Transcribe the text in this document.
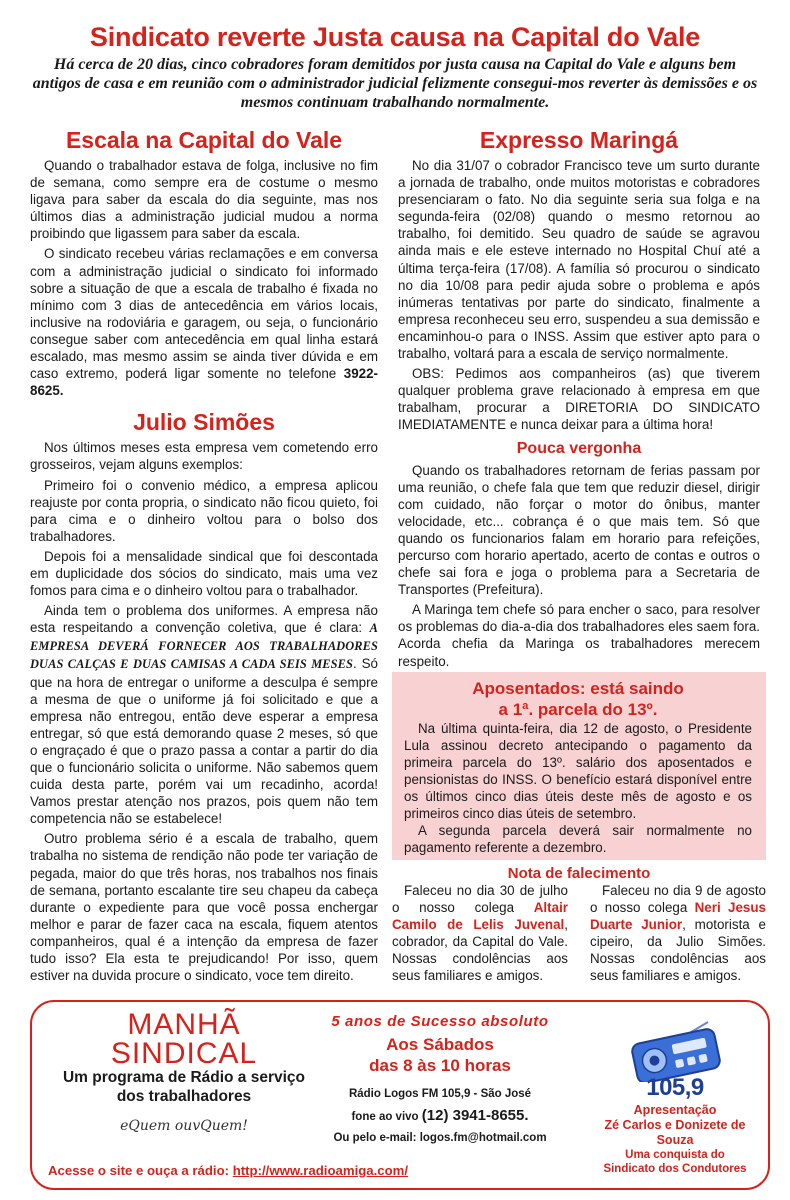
Sindicato reverte Justa causa na Capital do Vale
Há cerca de 20 dias, cinco cobradores foram demitidos por justa causa na Capital do Vale e alguns bem antigos de casa e em reunião com o administrador judicial felizmente consegui-mos reverter às demissões e os mesmos continuam trabalhando normalmente.
Escala na Capital do Vale

Quando o trabalhador estava de folga, inclusive no fim de semana, como sempre era de costume o mesmo ligava para saber da escala do dia seguinte, mas nos últimos dias a administração judicial mudou a norma proibindo que ligassem para saber da escala.

O sindicato recebeu várias reclamações e em conversa com a administração judicial o sindicato foi informado sobre a situação de que a escala de trabalho é fixada no mínimo com 3 dias de antecedência em vários locais, inclusive na rodoviária e garagem, ou seja, o funcionário consegue saber com antecedência em qual linha estará escalado, mas mesmo assim se ainda tiver dúvida e em caso extremo, poderá ligar somente no telefone 3922-8625.

Julio Simões

Nos últimos meses esta empresa vem cometendo erro grosseiros, vejam alguns exemplos:

Primeiro foi o convenio médico, a empresa aplicou reajuste por conta propria, o sindicato não ficou quieto, foi para cima e o dinheiro voltou para o bolso dos trabalhadores.

Depois foi a mensalidade sindical que foi descontada em duplicidade dos sócios do sindicato, mais uma vez fomos para cima e o dinheiro voltou para o trabalhador.

Ainda tem o problema dos uniformes. A empresa não esta respeitando a convenção coletiva, que é clara: A EMPRESA DEVERÁ FORNECER AOS TRABALHADORES DUAS CALÇAS E DUAS CAMISAS A CADA SEIS MESES. Só que na hora de entregar o uniforme a desculpa é sempre a mesma de que o uniforme já foi solicitado e que a empresa não entregou, então deve esperar a empresa entregar, só que está demorando quase 2 meses, só que o engraçado é que o prazo passa a contar a partir do dia que o funcionário solicita o uniforme. Não sabemos quem cuida desta parte, porém vai um recadinho, acorda! Vamos prestar atenção nos prazos, pois quem não tem competencia não se estabelece!

Outro problema sério é a escala de trabalho, quem trabalha no sistema de rendição não pode ter variação de pegada, maior do que três horas, nos trabalhos nos finais de semana, portanto escalante tire seu chapeu da cabeça durante o expediente para que você possa enchergar melhor e parar de fazer caca na escala, fiquem atentos companheiros, qual é a intenção da empresa de fazer tudo isso? Ela esta te prejudicando! Por isso, quem estiver na duvida procure o sindicato, voce tem direito.

Expresso Maringá

No dia 31/07 o cobrador Francisco teve um surto durante a jornada de trabalho, onde muitos motoristas e cobradores presenciaram o fato. No dia seguinte seria sua folga e na segunda-feira (02/08) quando o mesmo retornou ao trabalho, foi demitido. Seu quadro de saúde se agravou ainda mais e ele esteve internado no Hospital Chuí até a última terça-feira (17/08). A família só procurou o sindicato no dia 10/08 para pedir ajuda sobre o problema e após inúmeras tentativas por parte do sindicato, finalmente a empresa reconheceu seu erro, suspendeu a sua demissão e encaminhou-o para o INSS. Assim que estiver apto para o trabalho, voltará para a escala de serviço normalmente.

OBS: Pedimos aos companheiros (as) que tiverem qualquer problema grave relacionado à empresa em que trabalham, procurar a DIRETORIA DO SINDICATO IMEDIATAMENTE e nunca deixar para a última hora!

Pouca vergonha

Quando os trabalhadores retornam de ferias passam por uma reunião, o chefe fala que tem que reduzir diesel, dirigir com cuidado, não forçar o motor do ônibus, manter velocidade, etc... cobrança é o que mais tem. Só que quando os funcionarios falam em horario para refeições, percurso com horario apertado, acerto de contas e outros o chefe sai fora e joga o problema para a Secretaria de Transportes (Prefeitura).

A Maringa tem chefe só para encher o saco, para resolver os problemas do dia-a-dia dos trabalhadores eles saem fora. Acorda chefia da Maringa os trabalhadores merecem respeito.

Aposentados: está saindo
a 1ª. parcela do 13º.

Na última quinta-feira, dia 12 de agosto, o Presidente Lula assinou decreto antecipando o pagamento da primeira parcela do 13º. salário dos aposentados e pensionistas do INSS. O benefício estará disponível entre os últimos cinco dias úteis deste mês de agosto e os primeiros cinco dias úteis de setembro.

A segunda parcela deverá sair normalmente no pagamento referente a dezembro.

Nota de falecimento

Faleceu no dia 30 de julho o nosso colega Altair Camilo de Lelis Juvenal, cobrador, da Capital do Vale. Nossas condolências aos seus familiares e amigos.

Faleceu no dia 9 de agosto o nosso colega Neri Jesus Duarte Junior, motorista e cipeiro, da Julio Simões. Nossas condolências aos seus familiares e amigos.

MANHÃ
SINDICAL
Um programa de Rádio a serviço dos trabalhadores
eQuem ouvQuem!
5 anos de Sucesso absoluto
Aos Sábados
das 8 às 10 horas
Rádio Logos FM 105,9 - São José
fone ao vivo (12) 3941-8655.
Ou pelo e-mail: logos.fm@hotmail.com
105,9
Apresentação
Zé Carlos e Donizete de Souza
Uma conquista do Sindicato dos Condutores
Acesse o site e ouça a rádio: http://www.radioamiga.com/
